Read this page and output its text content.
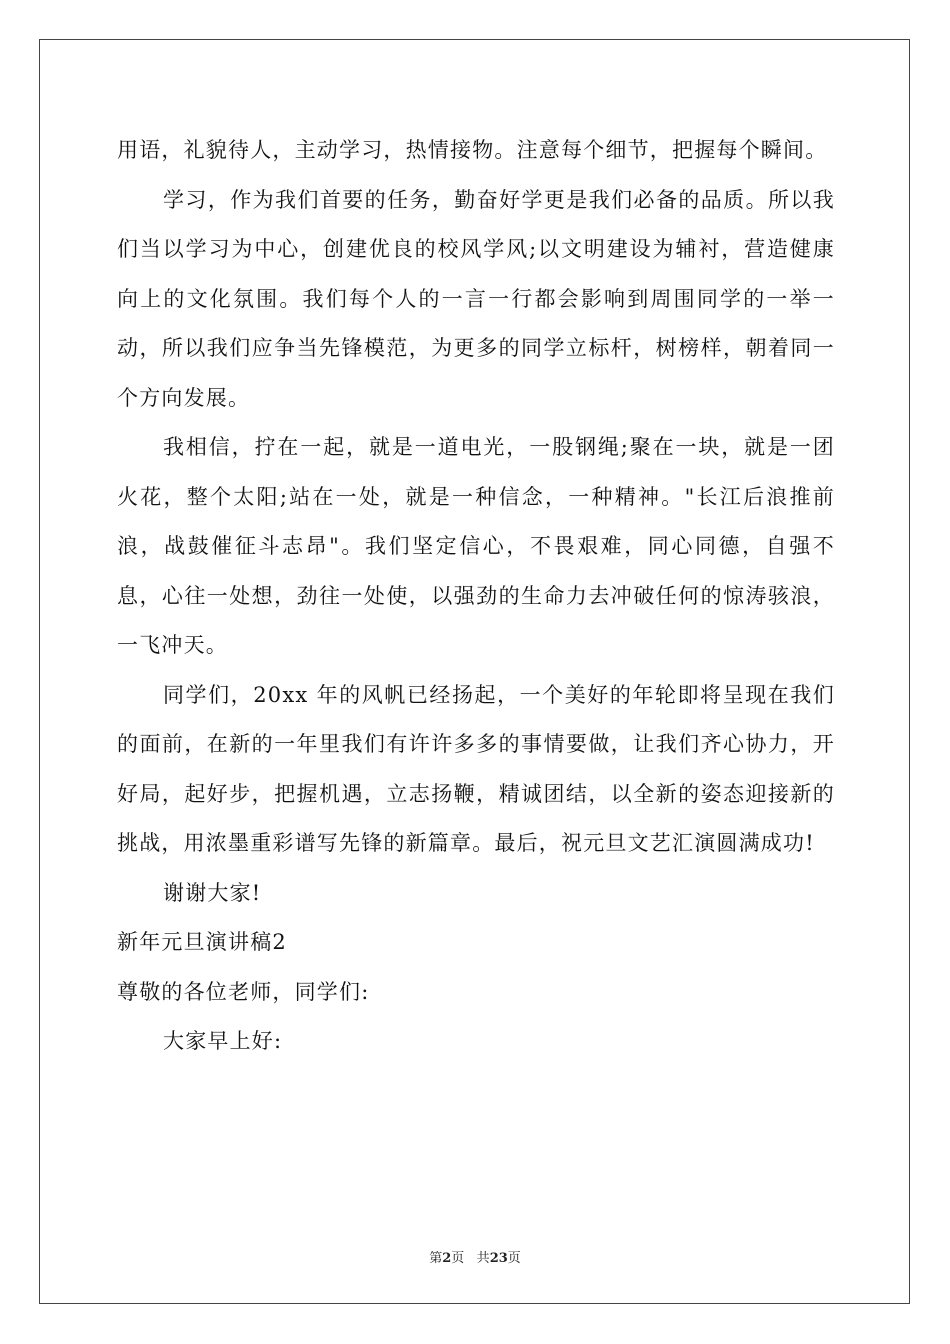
用语，礼貌待人，主动学习，热情接物。注意每个细节，把握每个瞬间。

学习，作为我们首要的任务，勤奋好学更是我们必备的品质。所以我们当以学习为中心，创建优良的校风学风;以文明建设为辅衬，营造健康向上的文化氛围。我们每个人的一言一行都会影响到周围同学的一举一动，所以我们应争当先锋模范，为更多的同学立标杆，树榜样，朝着同一个方向发展。

我相信，拧在一起，就是一道电光，一股钢绳;聚在一块，就是一团火花，整个太阳;站在一处，就是一种信念，一种精神。"长江后浪推前浪，战鼓催征斗志昂"。我们坚定信心，不畏艰难，同心同德，自强不息，心往一处想，劲往一处使，以强劲的生命力去冲破任何的惊涛骇浪，一飞冲天。

同学们，20xx 年的风帆已经扬起，一个美好的年轮即将呈现在我们的面前，在新的一年里我们有许许多多的事情要做，让我们齐心协力，开好局，起好步，把握机遇，立志扬鞭，精诚团结，以全新的姿态迎接新的挑战，用浓墨重彩谱写先锋的新篇章。最后，祝元旦文艺汇演圆满成功!

谢谢大家!

新年元旦演讲稿2

尊敬的各位老师，同学们:

大家早上好:

第2页 共23页
